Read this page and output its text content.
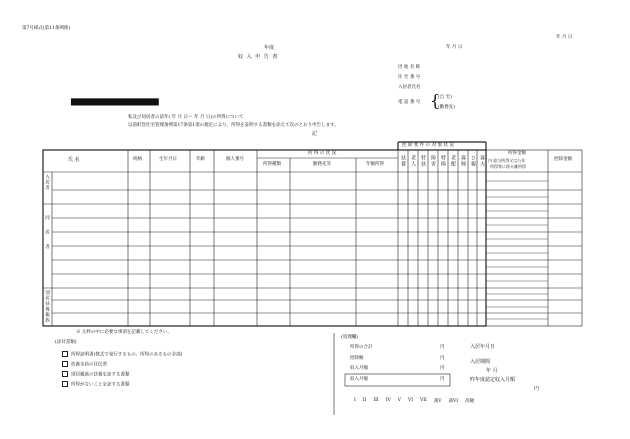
第7号様式(第11条関係)
年 月 日
年 月 日
年度
収 入 申 告 書
団 地 名 称
住 宅 番 号
入居者氏名
電 話 番 号 {
(自 宅)
(勤務先)
████████████████████████
私及び同居者の前年( 年 月 日〜 年 月 日)の所得について
以前町営住宅管理条例第17条第1項の規定により、所得を証明する書類を添えて次のとおり申告します。
記
氏 名	続柄	生年月日	年齢	個人番号
所 得 の 状 況
所得種類	勤務先等	年額所得
控 除 要 件 の 対 象 状 況
扶養 老人 特扶 障害 特障 老配 寡婦 ひ親 寡夫
所得金額
内 給与所得又は公年
所得等に係る雑所得
控除金額
入居者
同居者
別居扶養親族
※ 太枠の中に必要な事項を記載してください。
(添付書類)
所得証明書(様式で発行するもの。所得のあるもの全部)
扶養全員の住民票
別居親族の扶養を証する書類
所得がないことを証する書類
(処理欄)
所得の合計	円
控除額	円
収入月額	円
収入月額	円
入居年月日
入居期間
年 月
昨年度認定収入月額
円
I II III IV V VI VII 裁V 裁VI 高額
